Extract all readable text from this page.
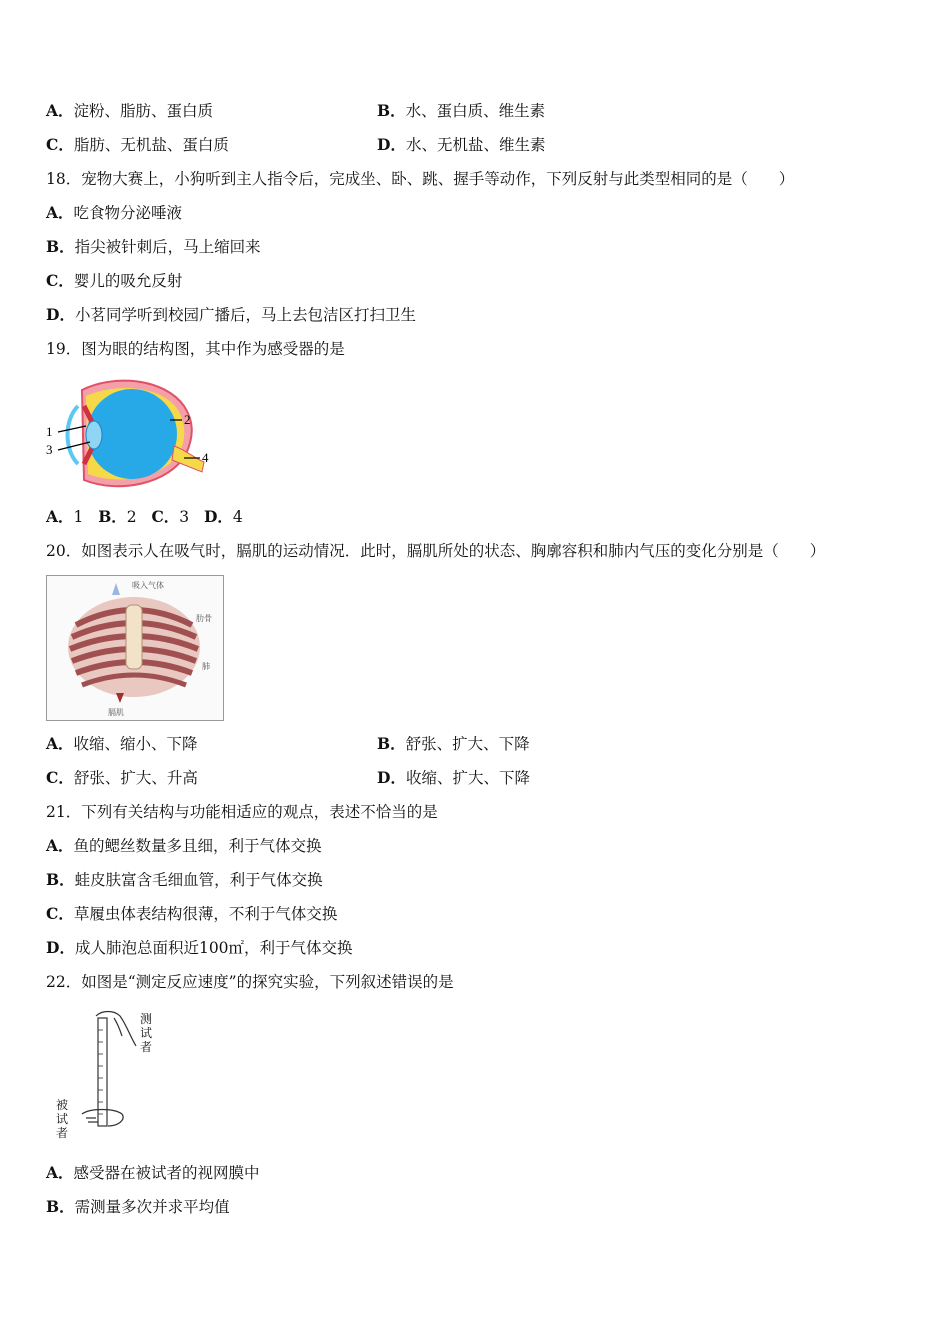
A．淀粉、脂肪、蛋白质	B．水、蛋白质、维生素
C．脂肪、无机盐、蛋白质	D．水、无机盐、维生素
18．宠物大赛上，小狗听到主人指令后，完成坐、卧、跳、握手等动作，下列反射与此类型相同的是（　　）
A．吃食物分泌唾液
B．指尖被针刺后，马上缩回来
C．婴儿的吸允反射
D．小茗同学听到校园广播后，马上去包洁区打扫卫生
19．图为眼的结构图，其中作为感受器的是
1
2
3
4
A．1 B．2 C．3 D．4
20．如图表示人在吸气时，膈肌的运动情况．此时，膈肌所处的状态、胸廓容积和肺内气压的变化分别是（　　）
吸入气体
肋骨
肺
膈肌
A．收缩、缩小、下降	B．舒张、扩大、下降
C．舒张、扩大、升高	D．收缩、扩大、下降
21．下列有关结构与功能相适应的观点，表述不恰当的是
A．鱼的鳃丝数量多且细，利于气体交换
B．蛙皮肤富含毛细血管，利于气体交换
C．草履虫体表结构很薄，不利于气体交换
D．成人肺泡总面积近100㎡，利于气体交换
22．如图是“测定反应速度”的探究实验，下列叙述错误的是
测试者
被试者
A．感受器在被试者的视网膜中
B．需测量多次并求平均值
